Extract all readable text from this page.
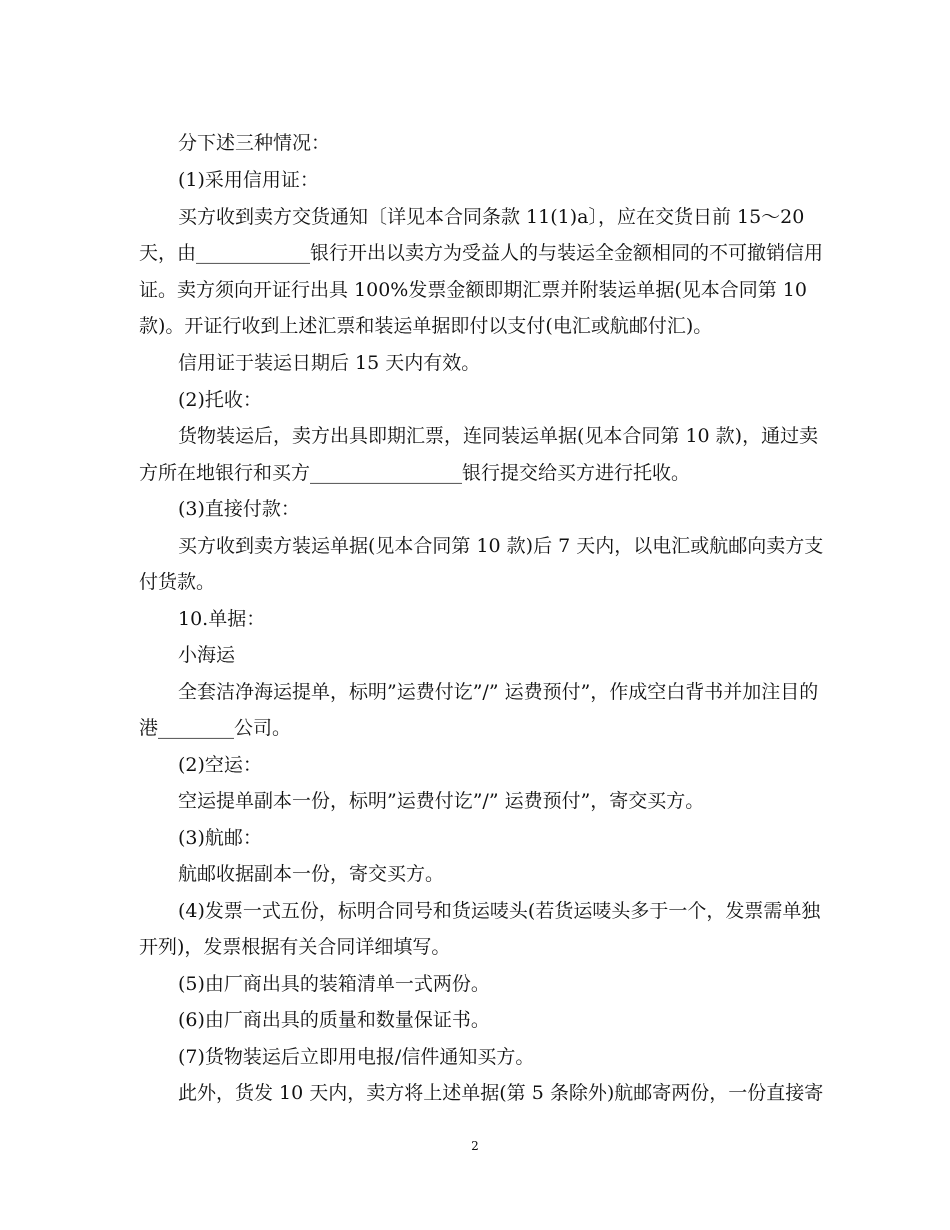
分下述三种情况：
(1)采用信用证：
买方收到卖方交货通知〔详见本合同条款 11(1)a〕，应在交货日前 15～20
天，由____________银行开出以卖方为受益人的与装运全金额相同的不可撤销信用
证。卖方须向开证行出具 100%发票金额即期汇票并附装运单据(见本合同第 10
款)。开证行收到上述汇票和装运单据即付以支付(电汇或航邮付汇)。
信用证于装运日期后 15 天内有效。
(2)托收：
货物装运后，卖方出具即期汇票，连同装运单据(见本合同第 10 款)，通过卖
方所在地银行和买方________________银行提交给买方进行托收。
(3)直接付款：
买方收到卖方装运单据(见本合同第 10 款)后 7 天内，以电汇或航邮向卖方支
付货款。
10.单据：
小海运
全套洁净海运提单，标明”运费付讫”/” 运费预付”，作成空白背书并加注目的
港________公司。
(2)空运：
空运提单副本一份，标明”运费付讫”/” 运费预付”，寄交买方。
(3)航邮：
航邮收据副本一份，寄交买方。
(4)发票一式五份，标明合同号和货运唛头(若货运唛头多于一个，发票需单独
开列)，发票根据有关合同详细填写。
(5)由厂商出具的装箱清单一式两份。
(6)由厂商出具的质量和数量保证书。
(7)货物装运后立即用电报/信件通知买方。
此外，货发 10 天内，卖方将上述单据(第 5 条除外)航邮寄两份，一份直接寄
2
